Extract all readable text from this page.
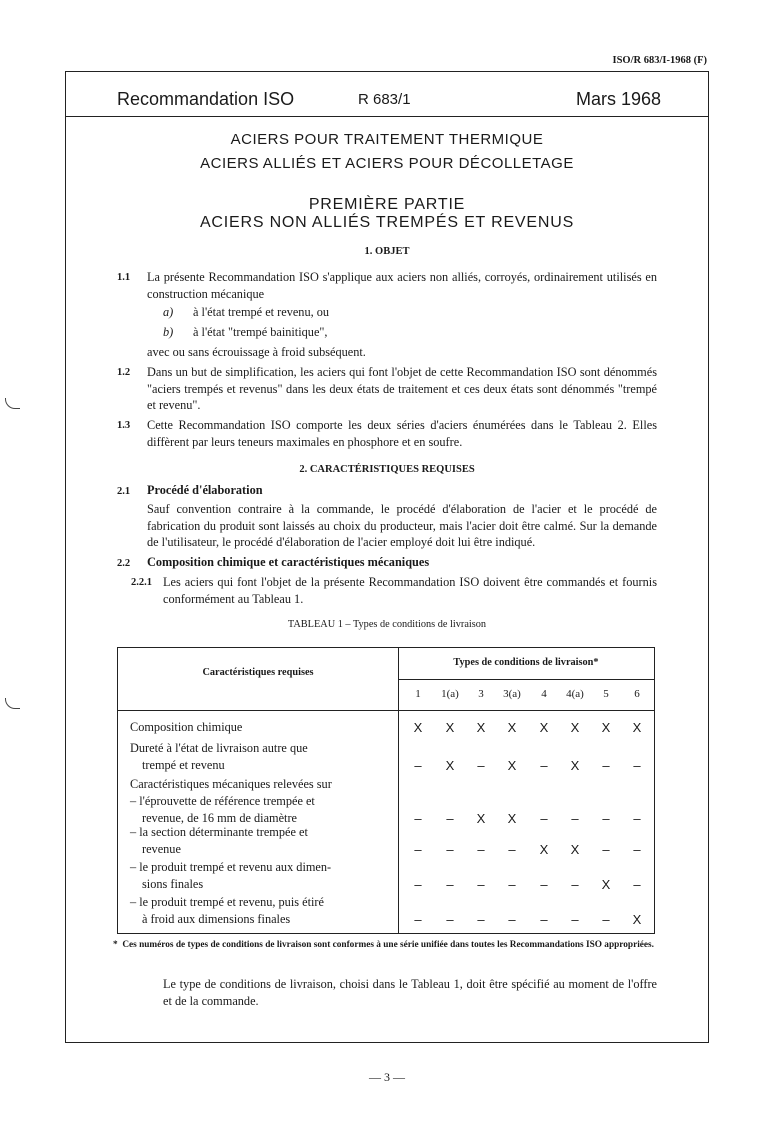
ISO/R 683/I-1968 (F)
Recommandation ISO	R 683/1	Mars 1968
ACIERS POUR TRAITEMENT THERMIQUE
ACIERS ALLIÉS ET ACIERS POUR DÉCOLLETAGE
PREMIÈRE PARTIE
ACIERS NON ALLIÉS TREMPÉS ET REVENUS
1. OBJET
1.1 La présente Recommandation ISO s'applique aux aciers non alliés, corroyés, ordinairement utilisés en construction mécanique
a) à l'état trempé et revenu, ou
b) à l'état "trempé bainitique",
avec ou sans écrouissage à froid subséquent.
1.2 Dans un but de simplification, les aciers qui font l'objet de cette Recommandation ISO sont dénommés "aciers trempés et revenus" dans les deux états de traitement et ces deux états sont dénommés "trempé et revenu".
1.3 Cette Recommandation ISO comporte les deux séries d'aciers énumérées dans le Tableau 2. Elles diffèrent par leurs teneurs maximales en phosphore et en soufre.
2. CARACTÉRISTIQUES REQUISES
2.1 Procédé d'élaboration
Sauf convention contraire à la commande, le procédé d'élaboration de l'acier et le procédé de fabrication du produit sont laissés au choix du producteur, mais l'acier doit être calmé. Sur la demande de l'utilisateur, le procédé d'élaboration de l'acier employé doit lui être indiqué.
2.2 Composition chimique et caractéristiques mécaniques
2.2.1 Les aciers qui font l'objet de la présente Recommandation ISO doivent être commandés et fournis conformément au Tableau 1.
TABLEAU 1 – Types de conditions de livraison
Caractéristiques requises
Types de conditions de livraison*
1	1(a)	3	3(a)	4	4(a)	5	6
Composition chimique	X	X	X	X	X	X	X	X
Dureté à l'état de livraison autre que
trempé et revenu	–	X	–	X	–	X	–	–
Caractéristiques mécaniques relevées sur
– l'éprouvette de référence trempée et
revenue, de 16 mm de diamètre	–	–	X	X	–	–	–	–
– la section déterminante trempée et
revenue	–	–	–	–	X	X	–	–
– le produit trempé et revenu aux dimen-
sions finales	–	–	–	–	–	–	X	–
– le produit trempé et revenu, puis étiré
à froid aux dimensions finales	–	–	–	–	–	–	–	X
* Ces numéros de types de conditions de livraison sont conformes à une série unifiée dans toutes les Recommandations ISO appropriées.
Le type de conditions de livraison, choisi dans le Tableau 1, doit être spécifié au moment de l'offre et de la commande.
— 3 —
